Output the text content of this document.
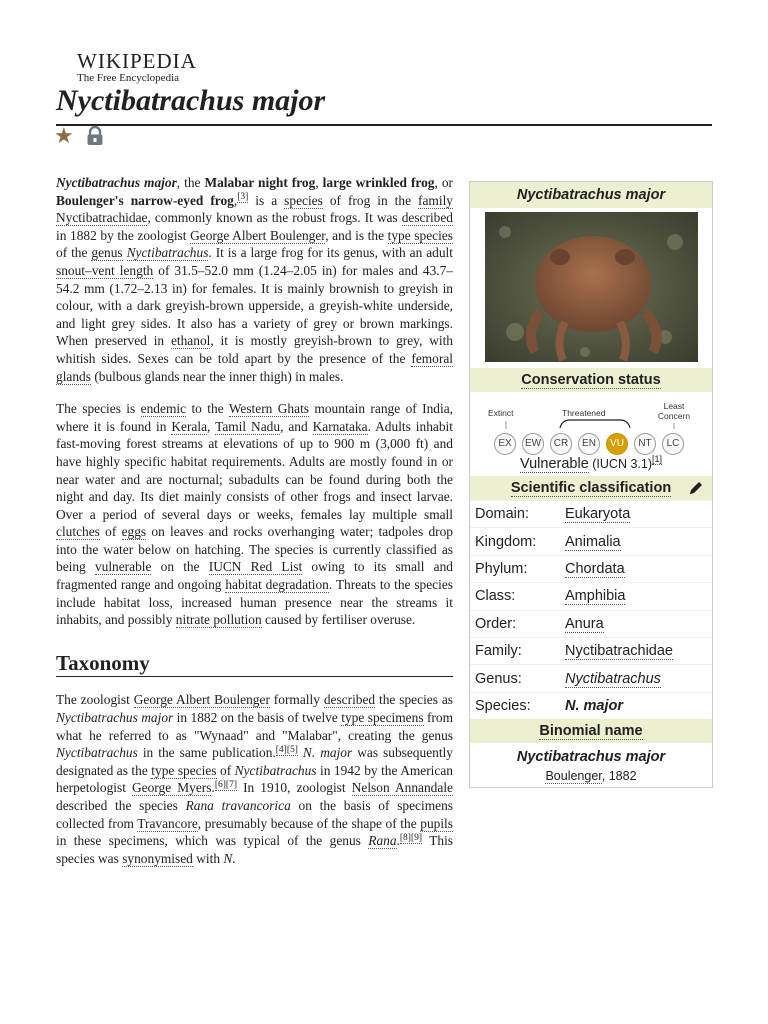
WIKIPEDIA
The Free Encyclopedia
Nyctibatrachus major
★

Nyctibatrachus major, the Malabar night frog, large wrinkled frog, or Boulenger's narrow-eyed frog,[3] is a species of frog in the family Nyctibatrachidae, commonly known as the robust frogs. It was described in 1882 by the zoologist George Albert Boulenger, and is the type species of the genus Nyctibatrachus. It is a large frog for its genus, with an adult snout–vent length of 31.5–52.0 mm (1.24–2.05 in) for males and 43.7–54.2 mm (1.72–2.13 in) for females. It is mainly brownish to greyish in colour, with a dark greyish-brown upperside, a greyish-white underside, and light grey sides. It also has a variety of grey or brown markings. When preserved in ethanol, it is mostly greyish-brown to grey, with whitish sides. Sexes can be told apart by the presence of the femoral glands (bulbous glands near the inner thigh) in males.

The species is endemic to the Western Ghats mountain range of India, where it is found in Kerala, Tamil Nadu, and Karnataka. Adults inhabit fast-moving forest streams at elevations of up to 900 m (3,000 ft) and have highly specific habitat requirements. Adults are mostly found in or near water and are nocturnal; subadults can be found during both the night and day. Its diet mainly consists of other frogs and insect larvae. Over a period of several days or weeks, females lay multiple small clutches of eggs on leaves and rocks overhanging water; tadpoles drop into the water below on hatching. The species is currently classified as being vulnerable on the IUCN Red List owing to its small and fragmented range and ongoing habitat degradation. Threats to the species include habitat loss, increased human presence near the streams it inhabits, and possibly nitrate pollution caused by fertiliser overuse.

Taxonomy

The zoologist George Albert Boulenger formally described the species as Nyctibatrachus major in 1882 on the basis of twelve type specimens from what he referred to as "Wynaad" and "Malabar", creating the genus Nyctibatrachus in the same publication.[4][5] N. major was subsequently designated as the type species of Nyctibatrachus in 1942 by the American herpetologist George Myers.[6][7] In 1910, zoologist Nelson Annandale described the species Rana travancorica on the basis of specimens collected from Travancore, presumably because of the shape of the pupils in these specimens, which was typical of the genus Rana.[8][9] This species was synonymised with N.

Nyctibatrachus major
Conservation status
Extinct	Threatened
Least Concern
EX	EW	CR	EN	VU	NT	LC
Vulnerable (IUCN 3.1)[1]
Scientific classification
Domain:	Eukaryota
Kingdom:	Animalia
Phylum:	Chordata
Class:	Amphibia
Order:	Anura
Family:	Nyctibatrachidae
Genus:	Nyctibatrachus
Species:	N. major
Binomial name
Nyctibatrachus major
Boulenger, 1882
